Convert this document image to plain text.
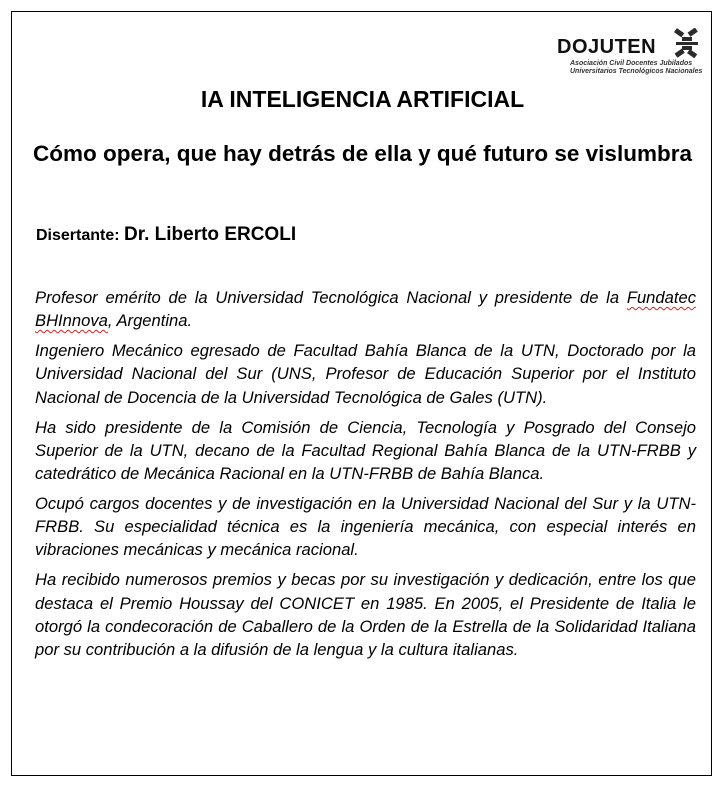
DOJUTEN
Asociación Civil Docentes Jubilados
Universitarios Tecnológicos Nacionales
IA INTELIGENCIA ARTIFICIAL
Cómo opera, que hay detrás de ella y qué futuro se vislumbra
Disertante: Dr. Liberto ERCOLI

Profesor emérito de la Universidad Tecnológica Nacional y presidente de la Fundatec BHInnova, Argentina.

Ingeniero Mecánico egresado de Facultad Bahía Blanca de la UTN, Doctorado por la Universidad Nacional del Sur (UNS, Profesor de Educación Superior por el Instituto Nacional de Docencia de la Universidad Tecnológica de Gales (UTN).

Ha sido presidente de la Comisión de Ciencia, Tecnología y Posgrado del Consejo Superior de la UTN, decano de la Facultad Regional Bahía Blanca de la UTN-FRBB y catedrático de Mecánica Racional en la UTN-FRBB de Bahía Blanca.

Ocupó cargos docentes y de investigación en la Universidad Nacional del Sur y la UTN-FRBB. Su especialidad técnica es la ingeniería mecánica, con especial interés en vibraciones mecánicas y mecánica racional.

Ha recibido numerosos premios y becas por su investigación y dedicación, entre los que destaca el Premio Houssay del CONICET en 1985. En 2005, el Presidente de Italia le otorgó la condecoración de Caballero de la Orden de la Estrella de la Solidaridad Italiana por su contribución a la difusión de la lengua y la cultura italianas.
